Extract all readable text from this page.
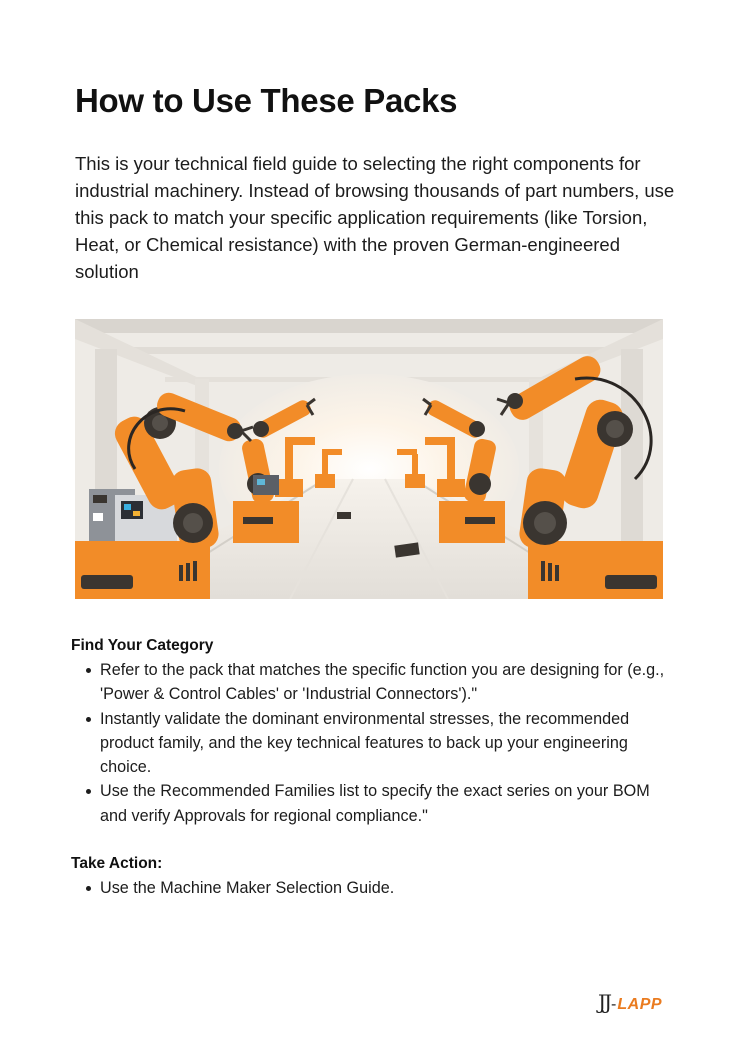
How to Use These Packs

This is your technical field guide to selecting the right components for industrial machinery. Instead of browsing thousands of part numbers, use this pack to match your specific application requirements (like Torsion, Heat, or Chemical resistance) with the proven German-engineered solution

Find Your Category
Refer to the pack that matches the specific function you are designing for (e.g., 'Power & Control Cables' or 'Industrial Connectors')."
Instantly validate the dominant environmental stresses, the recommended product family, and the key technical features to back up your engineering choice.
Use the Recommended Families list to specify the exact series on your BOM and verify Approvals for regional compliance."
Take Action:
Use the Machine Maker Selection Guide.
JJ - LAPP
